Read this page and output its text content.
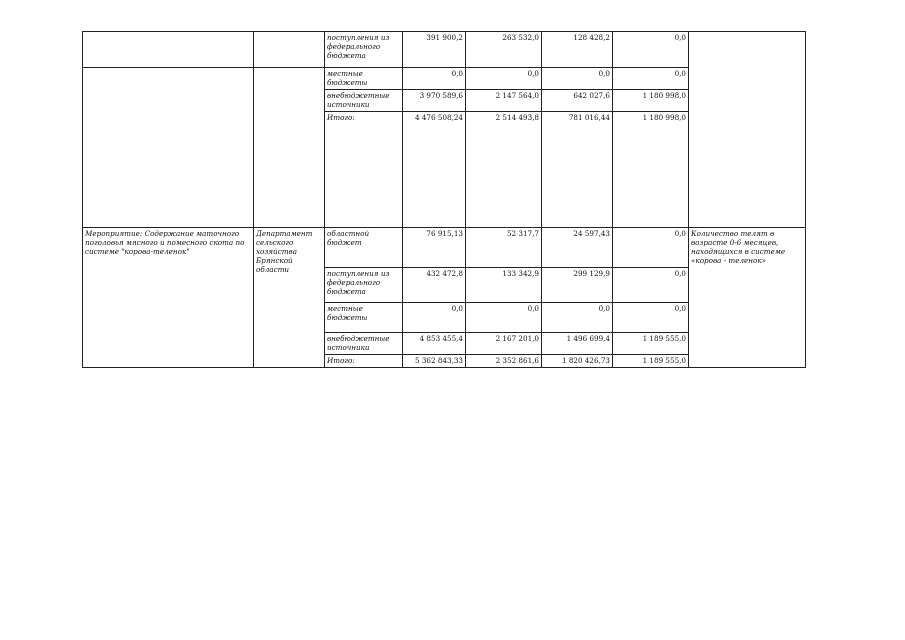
		поступления из федерального бюджета	391 900,2	263 532,0	128 428,2	0,0	
		местные бюджеты	0,0	0,0	0,0	0,0	
		внебюджетные источники	3 970 589,6	2 147 564,0	642 027,6	1 180 998,0	
		Итого:	4 476 508,24	2 514 493,8	781 016,44	1 180 998,0	
Мероприятие: Содержание маточного поголовья мясного и помесного скота по системе "корова-теленок"	Департамент сельского хозяйства Брянской области	областной бюджет	76 915,13	52 317,7	24 597,43	0,0	Количество телят в возрасте 0-6 месяцев, находящихся в системе «корова - теленок»
		поступления из федерального бюджета	432 472,8	133 342,9	299 129,9	0,0	
		местные бюджеты	0,0	0,0	0,0	0,0	
		внебюджетные источники	4 853 455,4	2 167 201,0	1 496 699,4	1 189 555,0	
		Итого:	5 362 843,33	2 352 861,6	1 820 426,73	1 189 555,0	
